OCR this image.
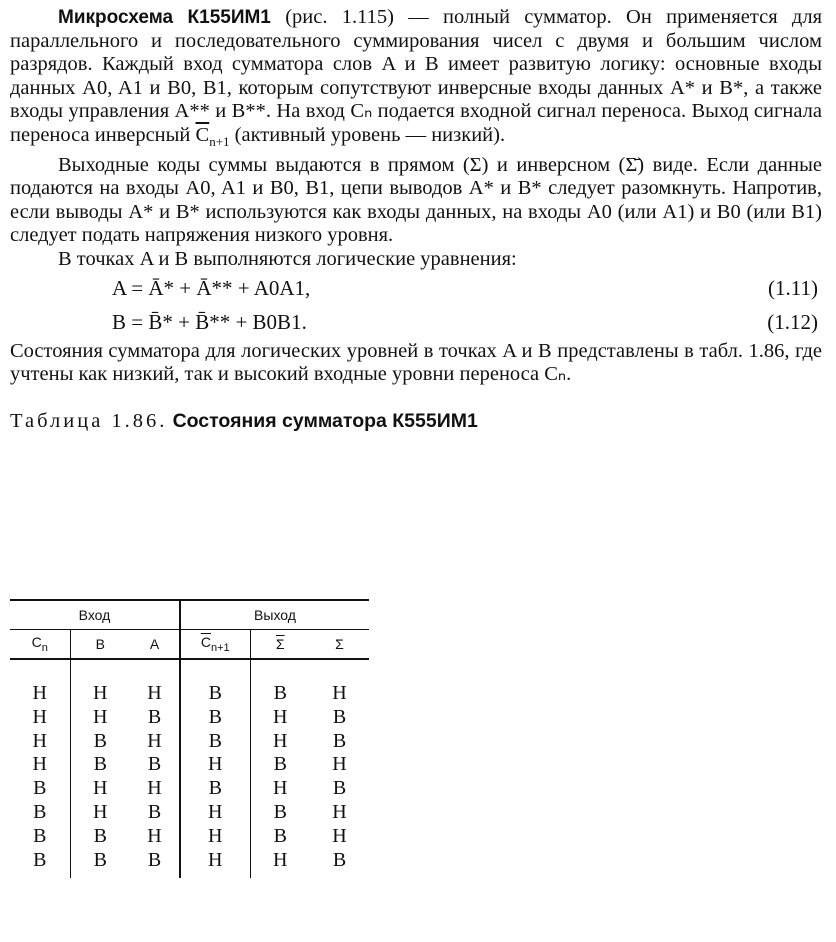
Микросхема К155ИМ1 (рис. 1.115) — полный сумматор. Он применяется для параллельного и последовательного суммирования чисел с двумя и большим числом разрядов. Каждый вход сумматора слов A и B имеет развитую логику: основные входы данных A0, A1 и B0, B1, которым сопутствуют инверсные входы данных A* и B*, а также входы управления A** и B**. На вход Cₙ подается входной сигнал переноса. Выход сигнала переноса инверсный $\overline{C}_{n+1}$ (активный уровень — низкий).

Выходные коды суммы выдаются в прямом (Σ) и инверсном (Σ̄) виде. Если данные подаются на входы A0, A1 и B0, B1, цепи выводов A* и B* следует разомкнуть. Напротив, если выводы A* и B* используются как входы данных, на входы A0 (или A1) и B0 (или B1) следует подать напряжения низкого уровня.

В точках A и B выполняются логические уравнения:

A = Ā* + Ā** + A0A1,	(1.11)
B = B̄* + B̄** + B0B1.	(1.12)

Состояния сумматора для логических уровней в точках A и B представлены в табл. 1.86, где учтены как низкий, так и высокий входные уровни переноса Cₙ.

Таблица 1.86. Состояния сумматора К555ИМ1
Вход			Выход		
$C_n$	B	A	$\overline{C}_{n+1}$	$\overline{\Sigma}$	Σ

Н	Н	Н	В	В	Н
Н	Н	В	В	Н	В
Н	В	Н	В	Н	В
Н	В	В	Н	В	Н
В	Н	Н	В	Н	В
В	Н	В	Н	В	Н
В	В	Н	Н	В	Н
В	В	В	Н	Н	В
